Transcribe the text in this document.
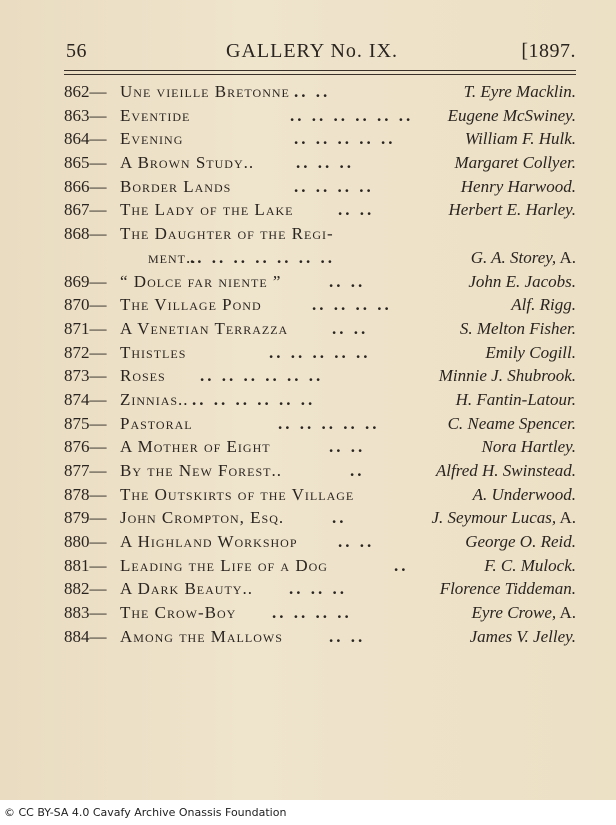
56	GALLERY No. IX.	[1897.
862— Une vieille Bretonne .. ..	T. Eyre Macklin.
863— Eventide	.. .. .. .. .. .. Eugene McSwiney.
864— Evening	.. .. .. .. ..	William F. Hulk.
865— A Brown Study.. .. .. ..	Margaret Collyer.
866— Border Lands	.. .. .. ..	Henry Harwood.
867— The Lady of the Lake	.. ..	Herbert E. Harley.
868— The Daughter of the Regi-
ment..
.. .. .. .. .. .. ..	G. A. Storey, A.
869— “ Dolce far niente ”	.. ..	John E. Jacobs.
870— The Village Pond	.. .. .. ..	Alf. Rigg.
871— A Venetian Terrazza	.. ..	S. Melton Fisher.
872— Thistles	.. .. .. .. ..	Emily Cogill.
873— Roses .. .. .. .. .. ..	Minnie J. Shubrook.
874— Zinnias.. .. .. .. .. .. ..	H. Fantin-Latour.
875— Pastoral	.. .. .. .. ..	C. Neame Spencer.
876— A Mother of Eight	.. ..	Nora Hartley.
877— By the New Forest..	..	Alfred H. Swinstead.
878— The Outskirts of the Village	A. Underwood.
879— John Crompton, Esq.	..	J. Seymour Lucas, A.
880— A Highland Workshop .. ..	George O. Reid.
881— Leading the Life of a Dog	..	F. C. Mulock.
882— A Dark Beauty.. .. .. ..	Florence Tiddeman.
883— The Crow-Boy .. .. .. ..	Eyre Crowe, A.
884— Among the Mallows	.. ..	James V. Jelley.
© CC BY-SA 4.0 Cavafy Archive Onassis Foundation
